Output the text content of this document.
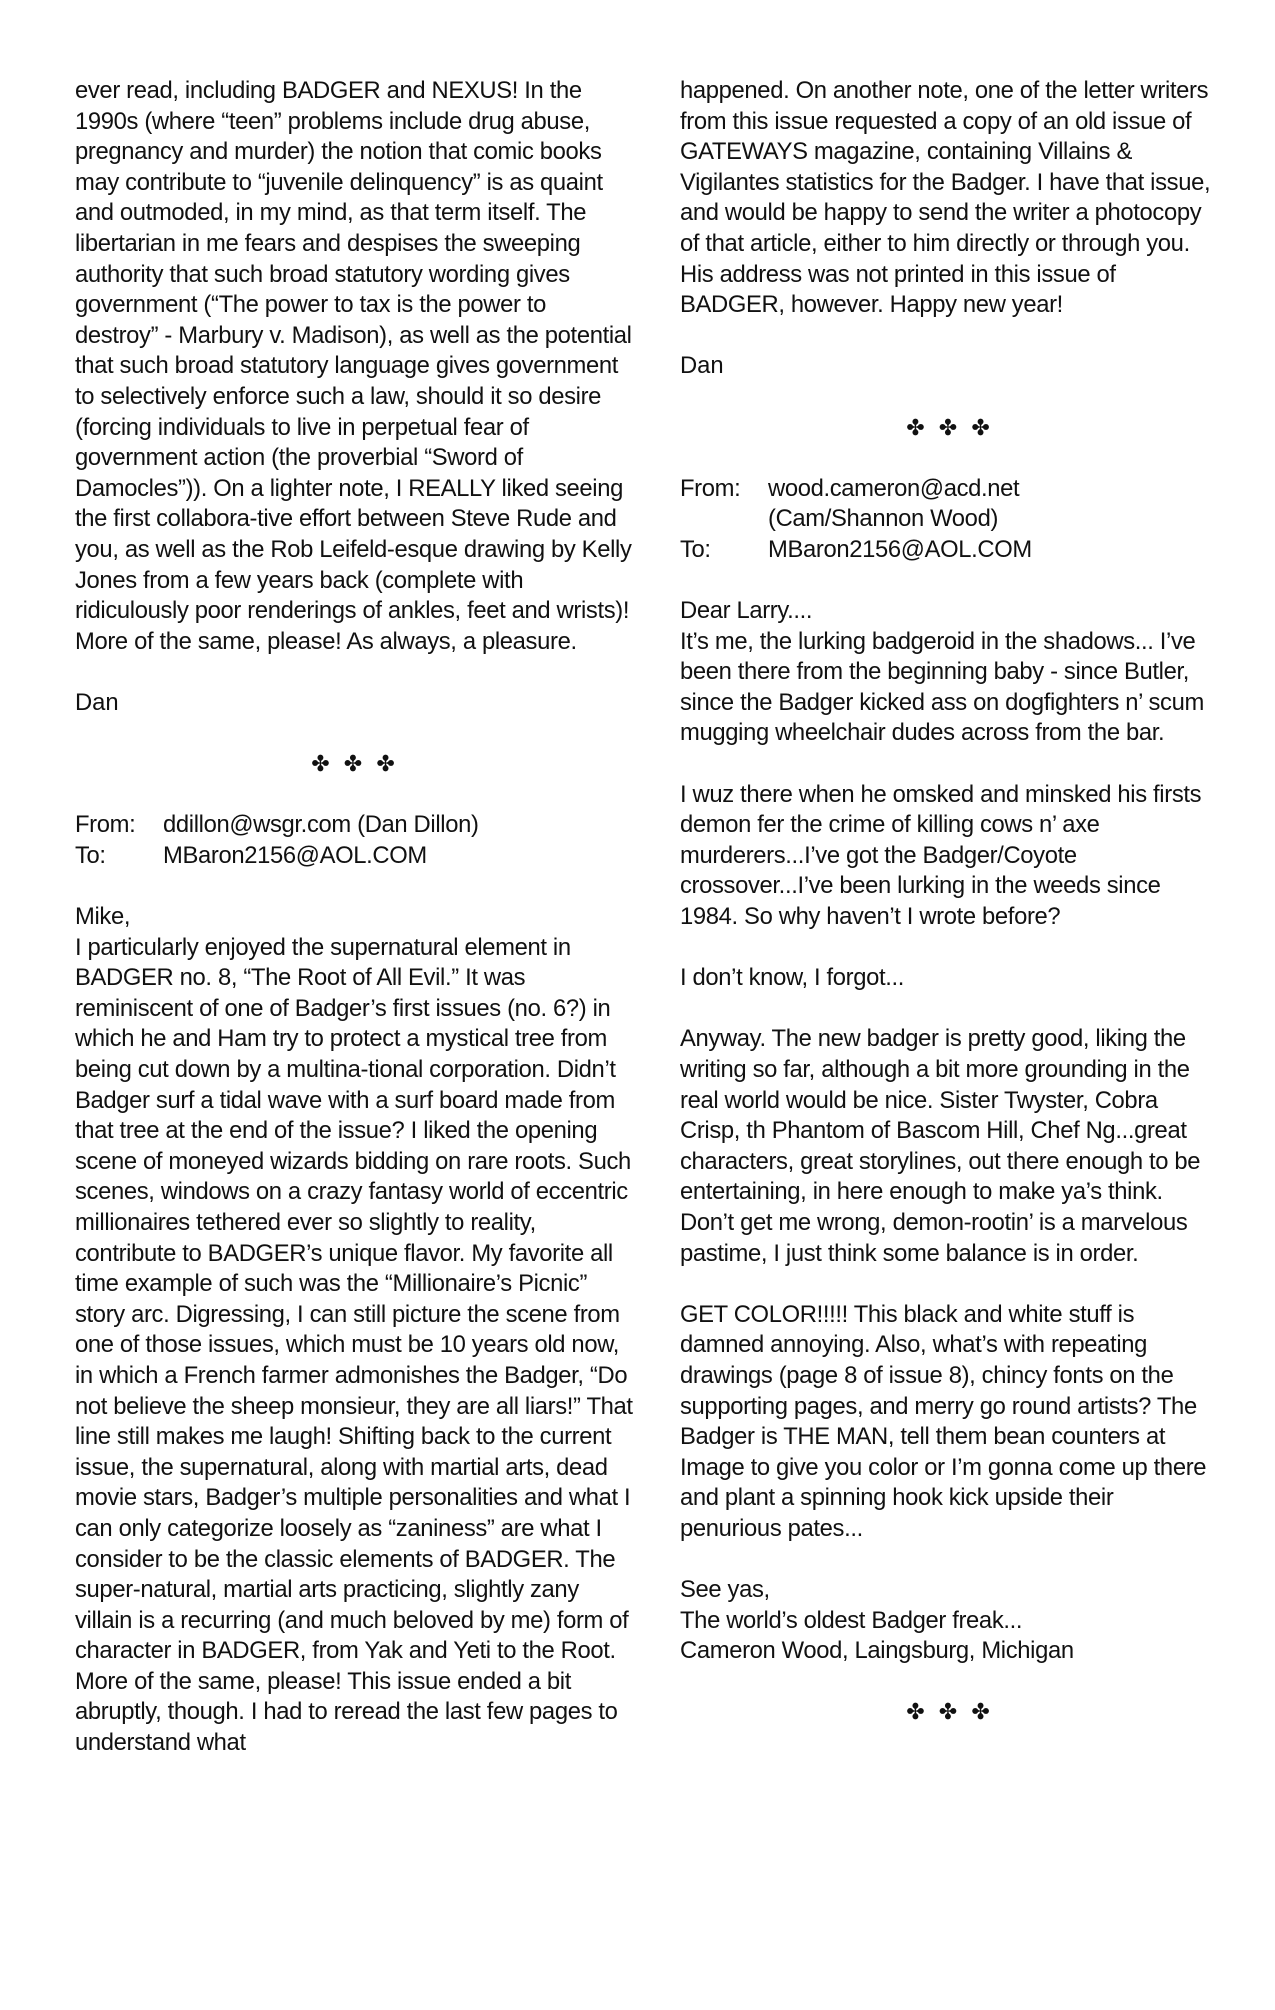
ever read, including BADGER and NEXUS! In the 1990s (where “teen” problems include drug abuse, pregnancy and murder) the notion that comic books may contribute to “juvenile delinquency” is as quaint and outmoded, in my mind, as that term itself. The libertarian in me fears and despises the sweeping authority that such broad statutory wording gives government (“The power to tax is the power to destroy” - Marbury v. Madison), as well as the potential that such broad statutory language gives government to selectively enforce such a law, should it so desire (forcing individuals to live in perpetual fear of government action (the proverbial “Sword of Damocles”)). On a lighter note, I REALLY liked seeing the first collabora-tive effort between Steve Rude and you, as well as the Rob Leifeld-esque drawing by Kelly Jones from a few years back (complete with ridiculously poor renderings of ankles, feet and wrists)! More of the same, please! As always, a pleasure.

Dan

✤ ✤ ✤

From:	ddillon@wsgr.com (Dan Dillon)
To:	MBaron2156@AOL.COM

Mike,

I particularly enjoyed the supernatural element in BADGER no. 8, “The Root of All Evil.” It was reminiscent of one of Badger’s first issues (no. 6?) in which he and Ham try to protect a mystical tree from being cut down by a multina-tional corporation. Didn’t Badger surf a tidal wave with a surf board made from that tree at the end of the issue? I liked the opening scene of moneyed wizards bidding on rare roots. Such scenes, windows on a crazy fantasy world of eccentric millionaires tethered ever so slightly to reality, contribute to BADGER’s unique flavor. My favorite all time example of such was the “Millionaire’s Picnic” story arc. Digressing, I can still picture the scene from one of those issues, which must be 10 years old now, in which a French farmer admonishes the Badger, “Do not believe the sheep monsieur, they are all liars!” That line still makes me laugh! Shifting back to the current issue, the supernatural, along with martial arts, dead movie stars, Badger’s multiple personalities and what I can only categorize loosely as “zaniness” are what I consider to be the classic elements of BADGER. The super-natural, martial arts practicing, slightly zany villain is a recurring (and much beloved by me) form of character in BADGER, from Yak and Yeti to the Root. More of the same, please! This issue ended a bit abruptly, though. I had to reread the last few pages to understand what

happened. On another note, one of the letter writers from this issue requested a copy of an old issue of GATEWAYS magazine, containing Villains & Vigilantes statistics for the Badger. I have that issue, and would be happy to send the writer a photocopy of that article, either to him directly or through you. His address was not printed in this issue of BADGER, however. Happy new year!

Dan

✤ ✤ ✤

From:	wood.cameron@acd.net
(Cam/Shannon Wood)
To:	MBaron2156@AOL.COM

Dear Larry....

It’s me, the lurking badgeroid in the shadows... I’ve been there from the beginning baby - since Butler, since the Badger kicked ass on dogfighters n’ scum mugging wheelchair dudes across from the bar.

I wuz there when he omsked and minsked his firsts demon fer the crime of killing cows n’ axe murderers...I’ve got the Badger/Coyote crossover...I’ve been lurking in the weeds since 1984. So why haven’t I wrote before?

I don’t know, I forgot...

Anyway. The new badger is pretty good, liking the writing so far, although a bit more grounding in the real world would be nice. Sister Twyster, Cobra Crisp, th Phantom of Bascom Hill, Chef Ng...great characters, great storylines, out there enough to be entertaining, in here enough to make ya’s think. Don’t get me wrong, demon-rootin’ is a marvelous pastime, I just think some balance is in order.

GET COLOR!!!!! This black and white stuff is damned annoying. Also, what’s with repeating drawings (page 8 of issue 8), chincy fonts on the supporting pages, and merry go round artists? The Badger is THE MAN, tell them bean counters at Image to give you color or I’m gonna come up there and plant a spinning hook kick upside their penurious pates...

See yas,

The world’s oldest Badger freak...

Cameron Wood, Laingsburg, Michigan

✤ ✤ ✤
